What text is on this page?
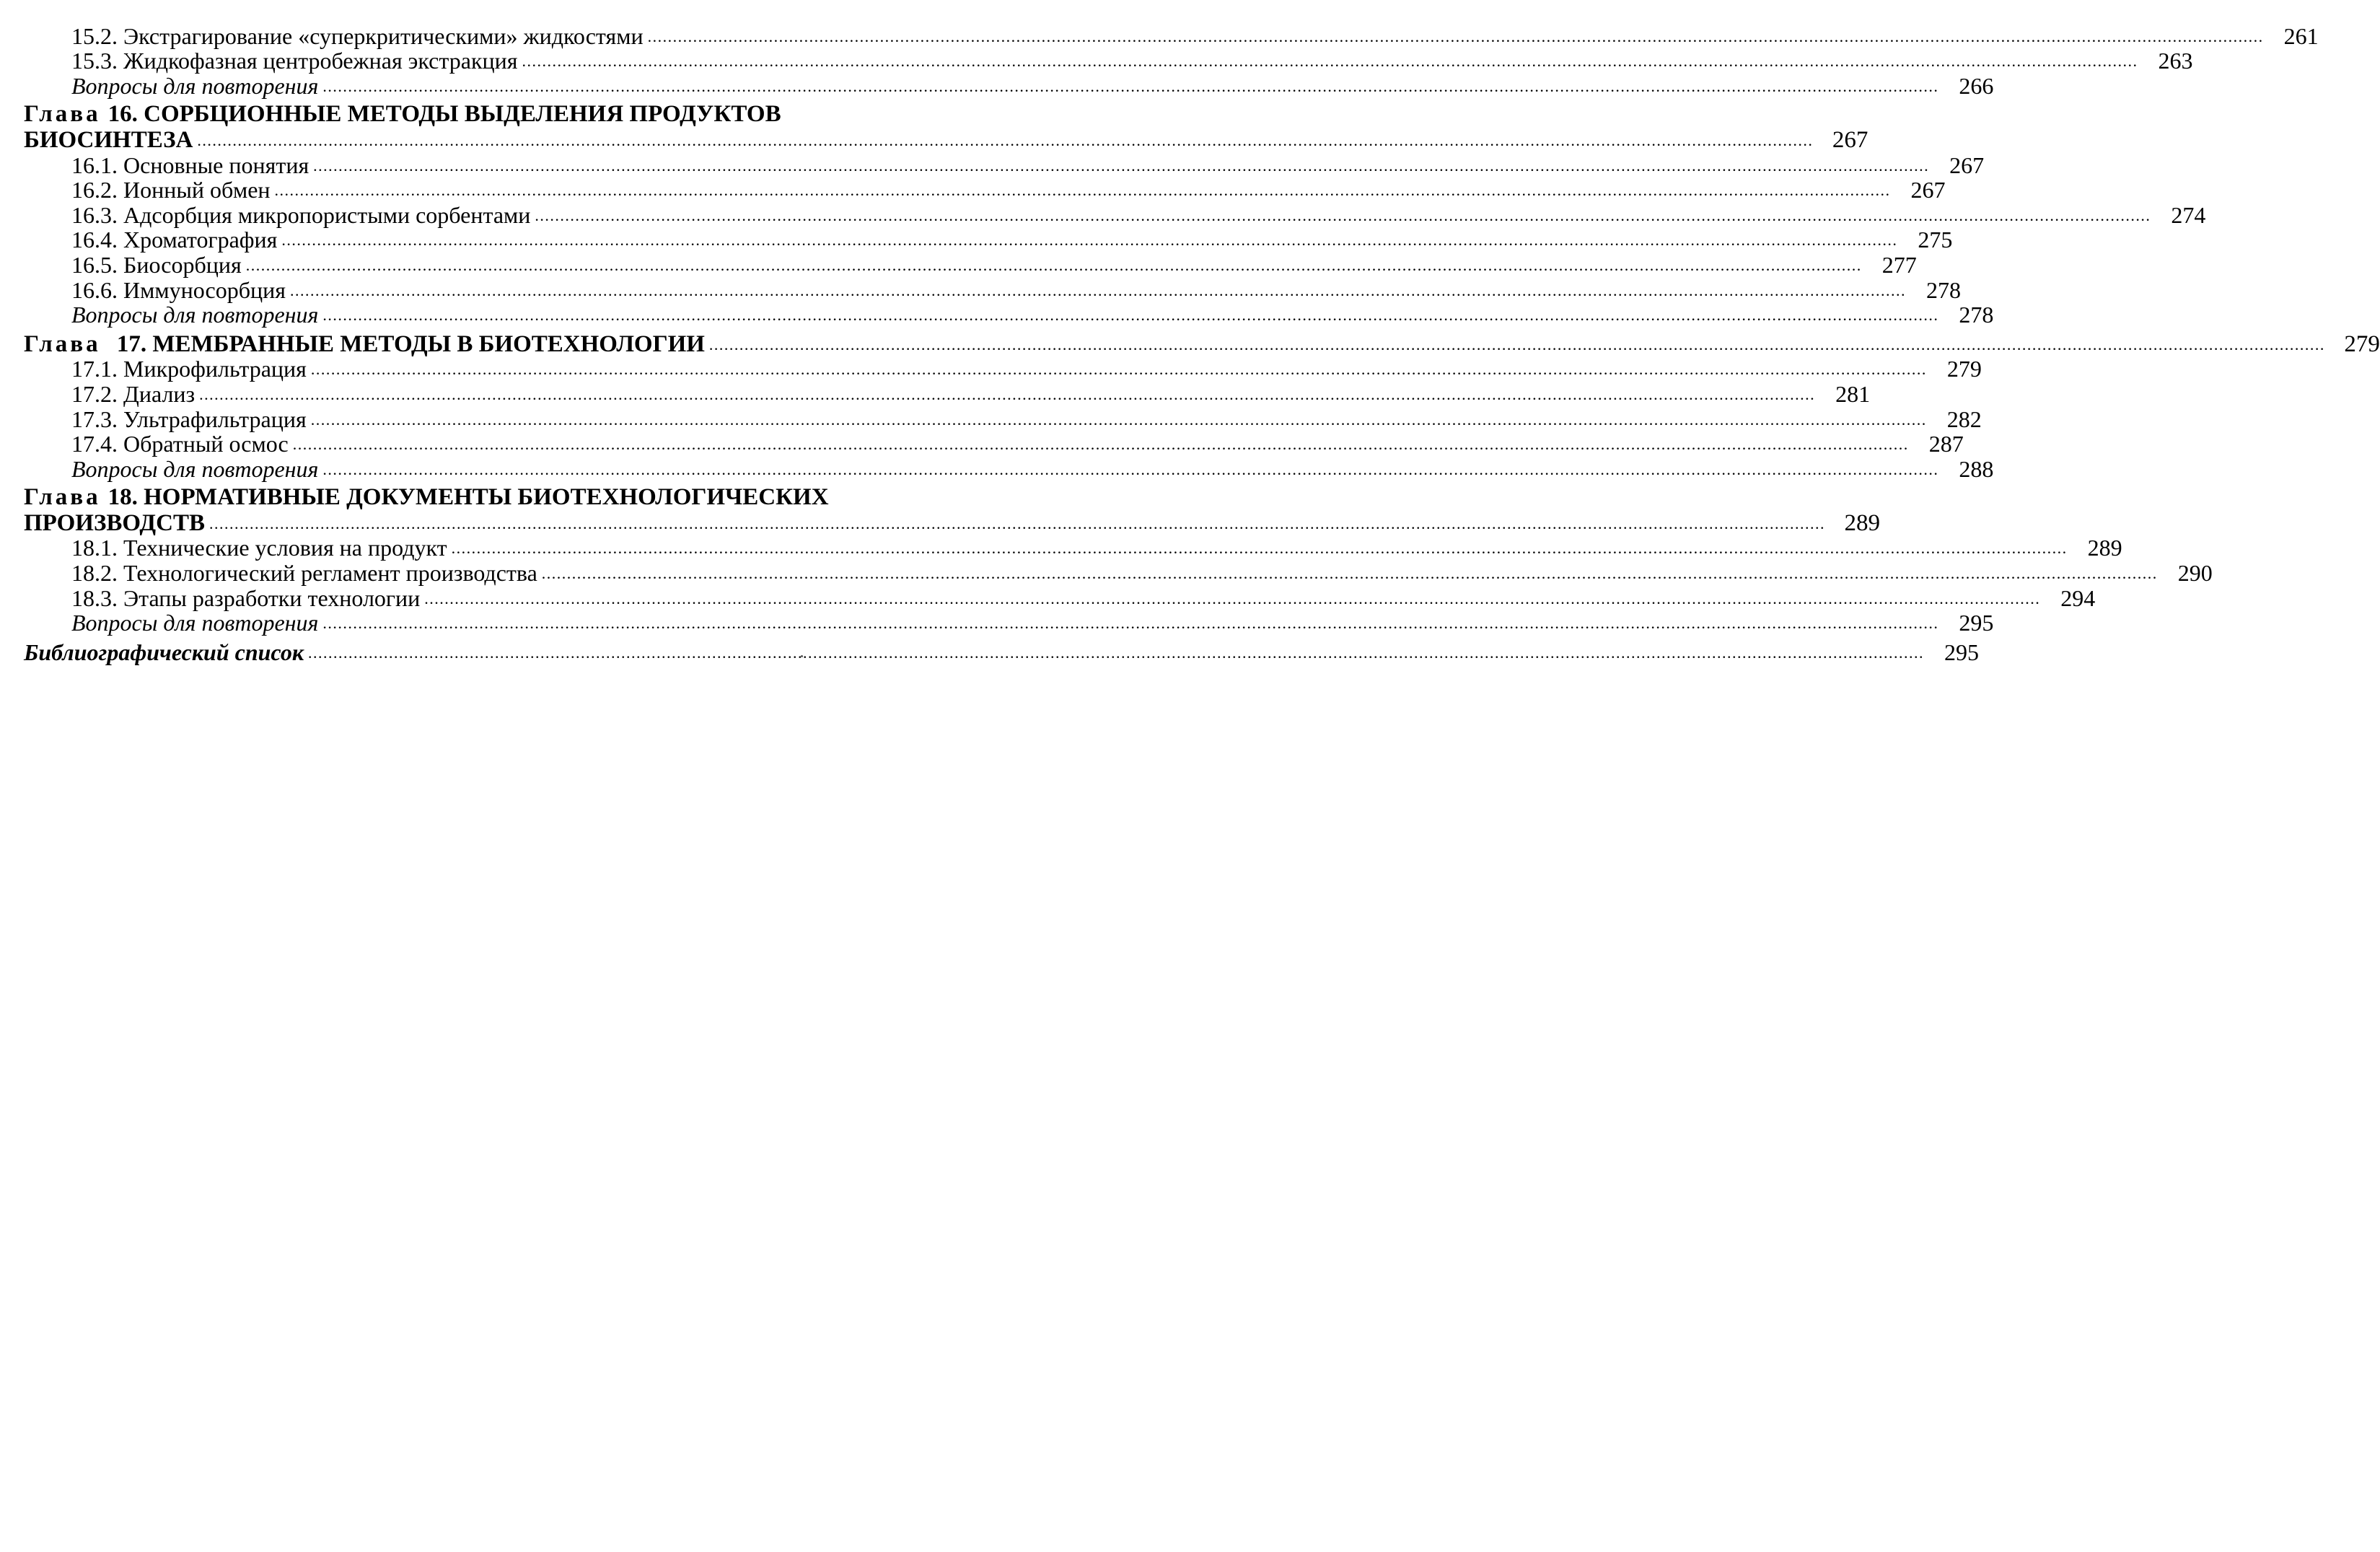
15.2. Экстрагирование «суперкритическими» жидкостями .....	261
15.3. Жидкофазная центробежная экстракция .....	263
Вопросы для повторения .....	266
Глава 16. СОРБЦИОННЫЕ МЕТОДЫ ВЫДЕЛЕНИЯ ПРОДУКТОВ
БИОСИНТЕЗА .....	267
16.1. Основные понятия .....	267
16.2. Ионный обмен .....	267
16.3. Адсорбция микропористыми сорбентами .....	274
16.4. Хроматография .....	275
16.5. Биосорбция .....	277
16.6. Иммуносорбция .....	278
Вопросы для повторения .....	278
Глава 17. МЕМБРАННЫЕ МЕТОДЫ В БИОТЕХНОЛОГИИ .....	279
17.1. Микрофильтрация .....	279
17.2. Диализ .....	281
17.3. Ультрафильтрация .....	282
17.4. Обратный осмос .....	287
Вопросы для повторения .....	288
Глава 18. НОРМАТИВНЫЕ ДОКУМЕНТЫ БИОТЕХНОЛОГИЧЕСКИХ
ПРОИЗВОДСТВ .....	289
18.1. Технические условия на продукт .....	289
18.2. Технологический регламент производства .....	290
18.3. Этапы разработки технологии .....	294
Вопросы для повторения .....	295
Библиографический список .....	295
